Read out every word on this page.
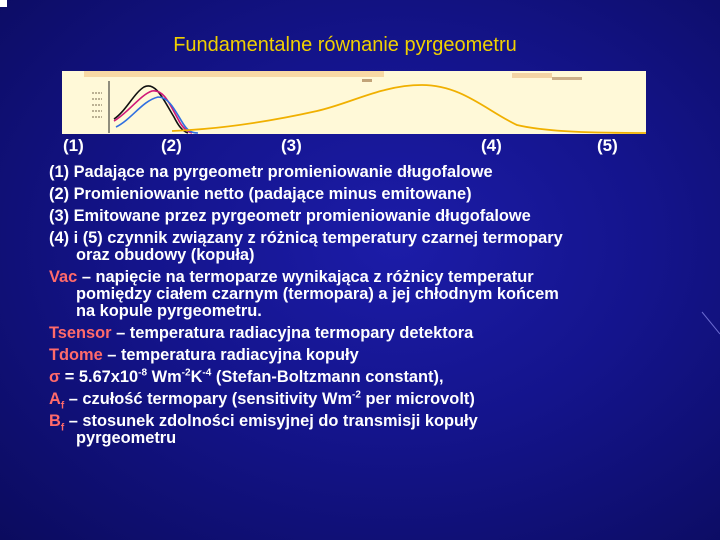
Fundamentalne równanie pyrgeometru
(1)	(2)	(3)	(4)	(5)
(1) Padające na pyrgeometr promieniowanie długofalowe
(2) Promieniowanie netto (padające minus emitowane)
(3) Emitowane przez pyrgeometr promieniowanie długofalowe
(4) i (5) czynnik związany z różnicą temperatury czarnej termopary
oraz obudowy (kopuła)
Vac – napięcie na termoparze wynikająca z różnicy temperatur
pomiędzy ciałem czarnym (termopara) a jej chłodnym końcem
na kopule pyrgeometru.
Tsensor – temperatura radiacyjna termopary detektora
Tdome – temperatura radiacyjna kopuły
$\sigma = 5.67x10^{-8}$ $Wm^{-2}K^{-4}$ (Stefan-Boltzmann constant),
$A_f$ – czułość termopary (sensitivity $Wm^{-2}$ per microvolt)
$B_f$ – stosunek zdolności emisyjnej do transmisji kopuły
pyrgeometru
